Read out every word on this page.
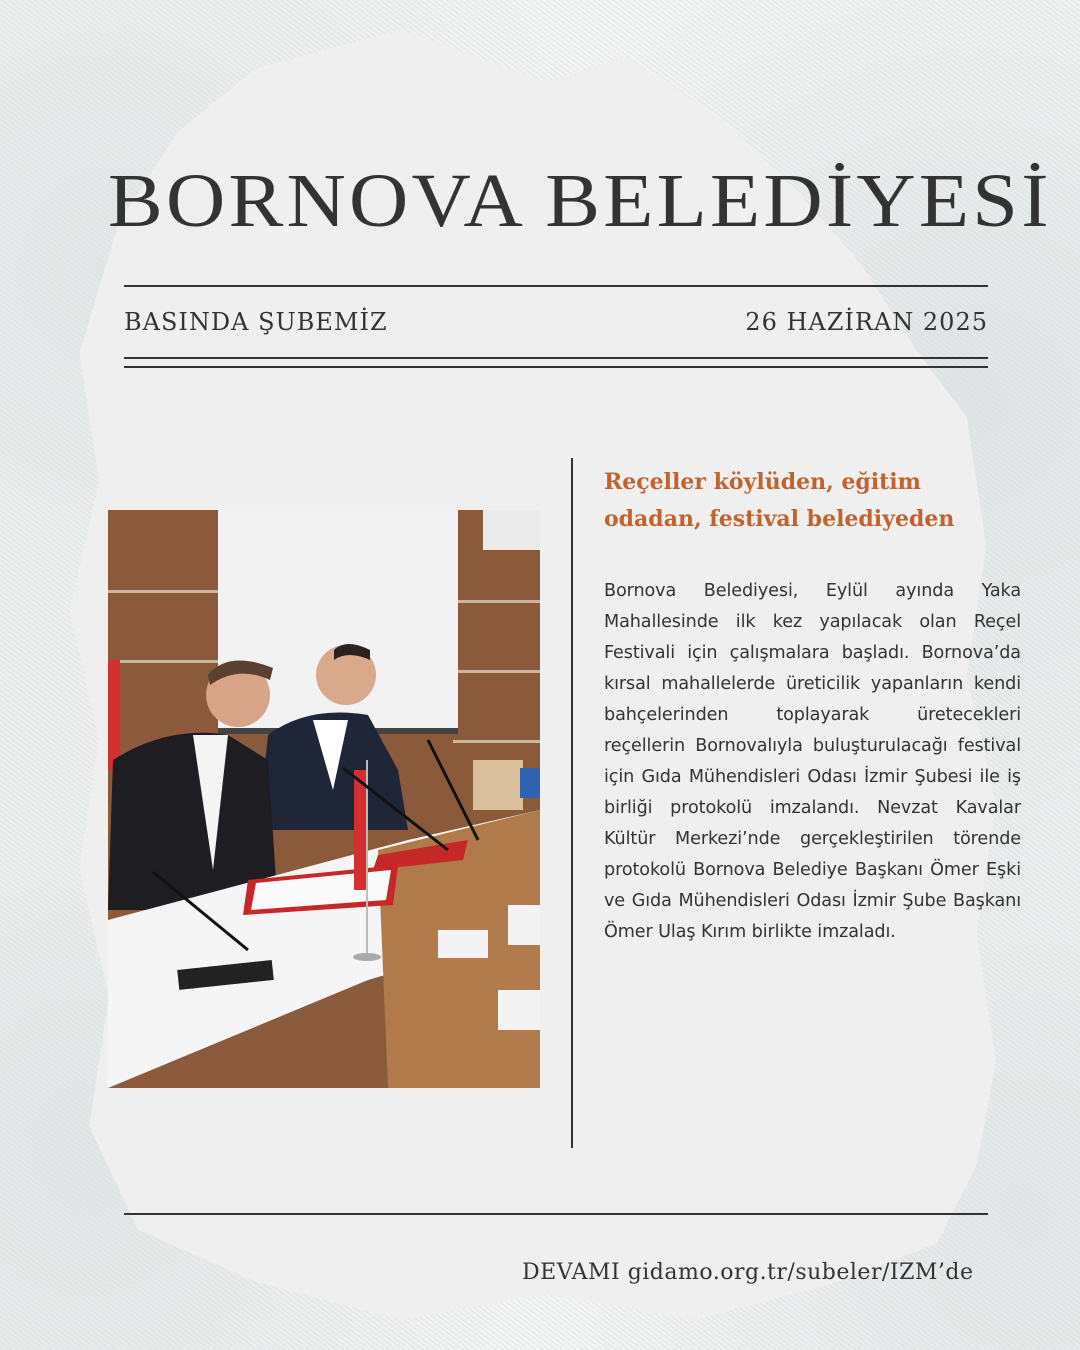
BORNOVA BELEDİYESİ
BASINDA ŞUBEMİZ	26 HAZİRAN 2025
Reçeller köylüden, eğitim odadan, festival belediyeden
Bornova Belediyesi, Eylül ayında Yaka Mahallesinde ilk kez yapılacak olan Reçel Festivali için çalışmalara başladı. Bornova’da kırsal mahallelerde üreticilik yapanların kendi bahçelerinden toplayarak üretecekleri reçellerin Bornovalıyla buluşturulacağı festival için Gıda Mühendisleri Odası İzmir Şubesi ile iş birliği protokolü imzalandı. Nevzat Kavalar Kültür Merkezi’nde gerçekleştirilen törende protokolü Bornova Belediye Başkanı Ömer Eşki ve Gıda Mühendisleri Odası İzmir Şube Başkanı Ömer Ulaş Kırım birlikte imzaladı.
DEVAMI gidamo.org.tr/subeler/IZM’de
